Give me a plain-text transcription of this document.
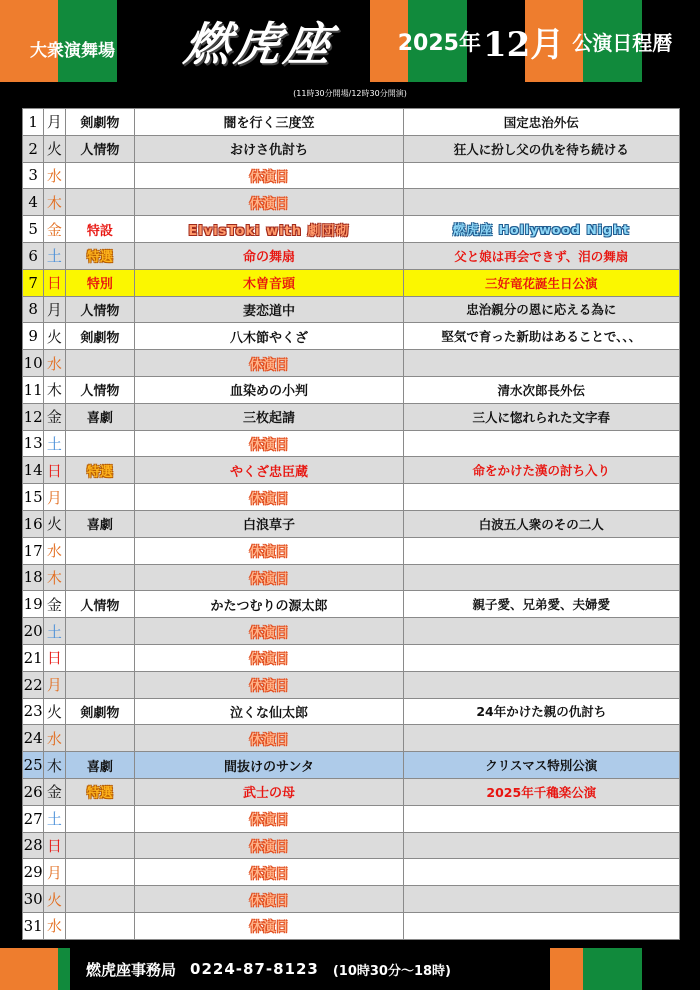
大衆演舞場 燃虎座	2025年 12月 公演日程暦
(11時30分開場/12時30分開演)
1	月	剣劇物	闇を行く三度笠	国定忠治外伝
2	火	人情物	おけさ仇討ち	狂人に扮し父の仇を待ち続ける
3	水		休演日	
4	木		休演日	
5	金	特設	ElvisToki with 劇団砌	燃虎座 Hollywood Night
6	土	特選	命の舞扇	父と娘は再会できず、泪の舞扇
7	日	特別	木曽音頭	三好竜花誕生日公演
8	月	人情物	妻恋道中	忠治親分の恩に応える為に
9	火	剣劇物	八木節やくざ	堅気で育った新助はあることで、、、
10	水		休演日	
11	木	人情物	血染めの小判	清水次郎長外伝
12	金	喜劇	三枚起請	三人に惚れられた文字春
13	土		休演日	
14	日	特選	やくざ忠臣蔵	命をかけた漢の討ち入り
15	月		休演日	
16	火	喜劇	白浪草子	白波五人衆のその二人
17	水		休演日	
18	木		休演日	
19	金	人情物	かたつむりの源太郎	親子愛、兄弟愛、夫婦愛
20	土		休演日	
21	日		休演日	
22	月		休演日	
23	火	剣劇物	泣くな仙太郎	24年かけた親の仇討ち
24	水		休演日	
25	木	喜劇	間抜けのサンタ	クリスマス特別公演
26	金	特選	武士の母	2025年千穐楽公演
27	土		休演日	
28	日		休演日	
29	月		休演日	
30	火		休演日	
31	水		休演日	
燃虎座事務局 0224-87-8123 (10時30分～18時)
